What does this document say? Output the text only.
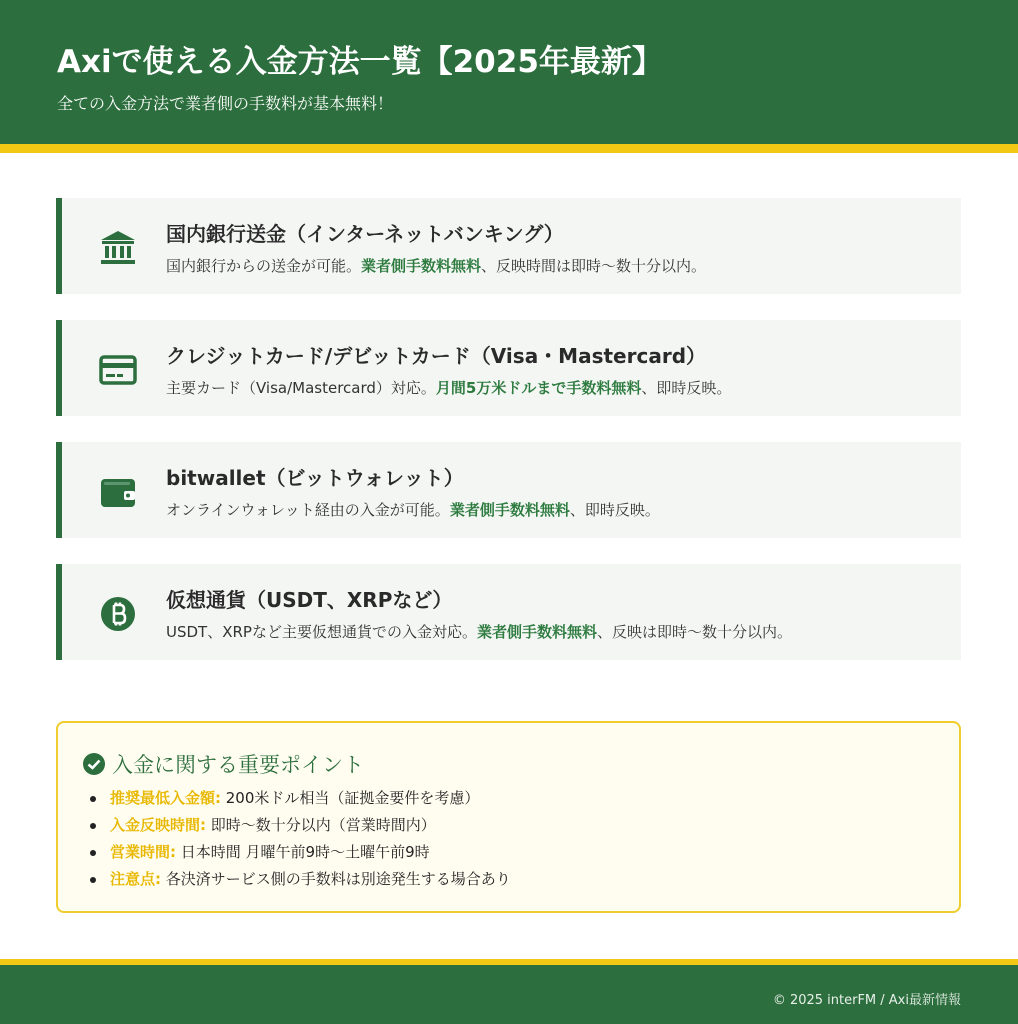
Axiで使える入金方法一覧【2025年最新】
全ての入金方法で業者側の手数料が基本無料！
国内銀行送金（インターネットバンキング）
国内銀行からの送金が可能。業者側手数料無料、反映時間は即時〜数十分以内。
クレジットカード/デビットカード（Visa・Mastercard）
主要カード（Visa/Mastercard）対応。月間5万米ドルまで手数料無料、即時反映。
bitwallet（ビットウォレット）
オンラインウォレット経由の入金が可能。業者側手数料無料、即時反映。
仮想通貨（USDT、XRPなど）
USDT、XRPなど主要仮想通貨での入金対応。業者側手数料無料、反映は即時〜数十分以内。
入金に関する重要ポイント
推奨最低入金額: 200米ドル相当（証拠金要件を考慮）
入金反映時間: 即時〜数十分以内（営業時間内）
営業時間: 日本時間 月曜午前9時〜土曜午前9時
注意点: 各決済サービス側の手数料は別途発生する場合あり
© 2025 interFM / Axi最新情報
